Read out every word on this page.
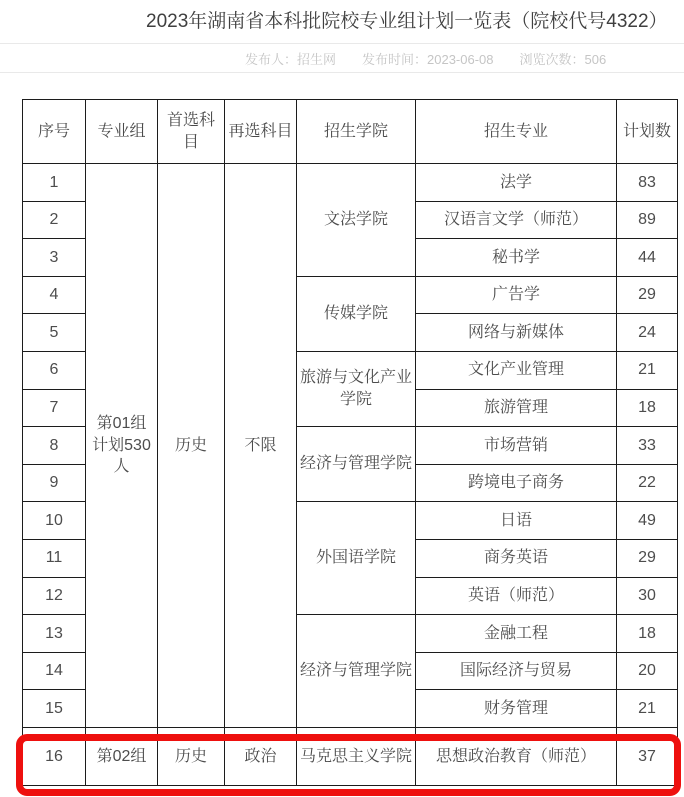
2023年湖南省本科批院校专业组计划一览表（院校代号4322）
发布人：招生网 发布时间：2023-06-08 浏览次数：506
序号	专业组	首选科目	再选科目	招生学院	招生专业	计划数
1	第01组计划530人	历史	不限	文法学院	法学	83
2					汉语言文学（师范）	89
3					秘书学	44
4				传媒学院	广告学	29
5					网络与新媒体	24
6				旅游与文化产业学院	文化产业管理	21
7					旅游管理	18
8				经济与管理学院	市场营销	33
9					跨境电子商务	22
10				外国语学院	日语	49
11					商务英语	29
12					英语（师范）	30
13				经济与管理学院	金融工程	18
14					国际经济与贸易	20
15					财务管理	21
16	第02组	历史	政治	马克思主义学院	思想政治教育（师范）	37
